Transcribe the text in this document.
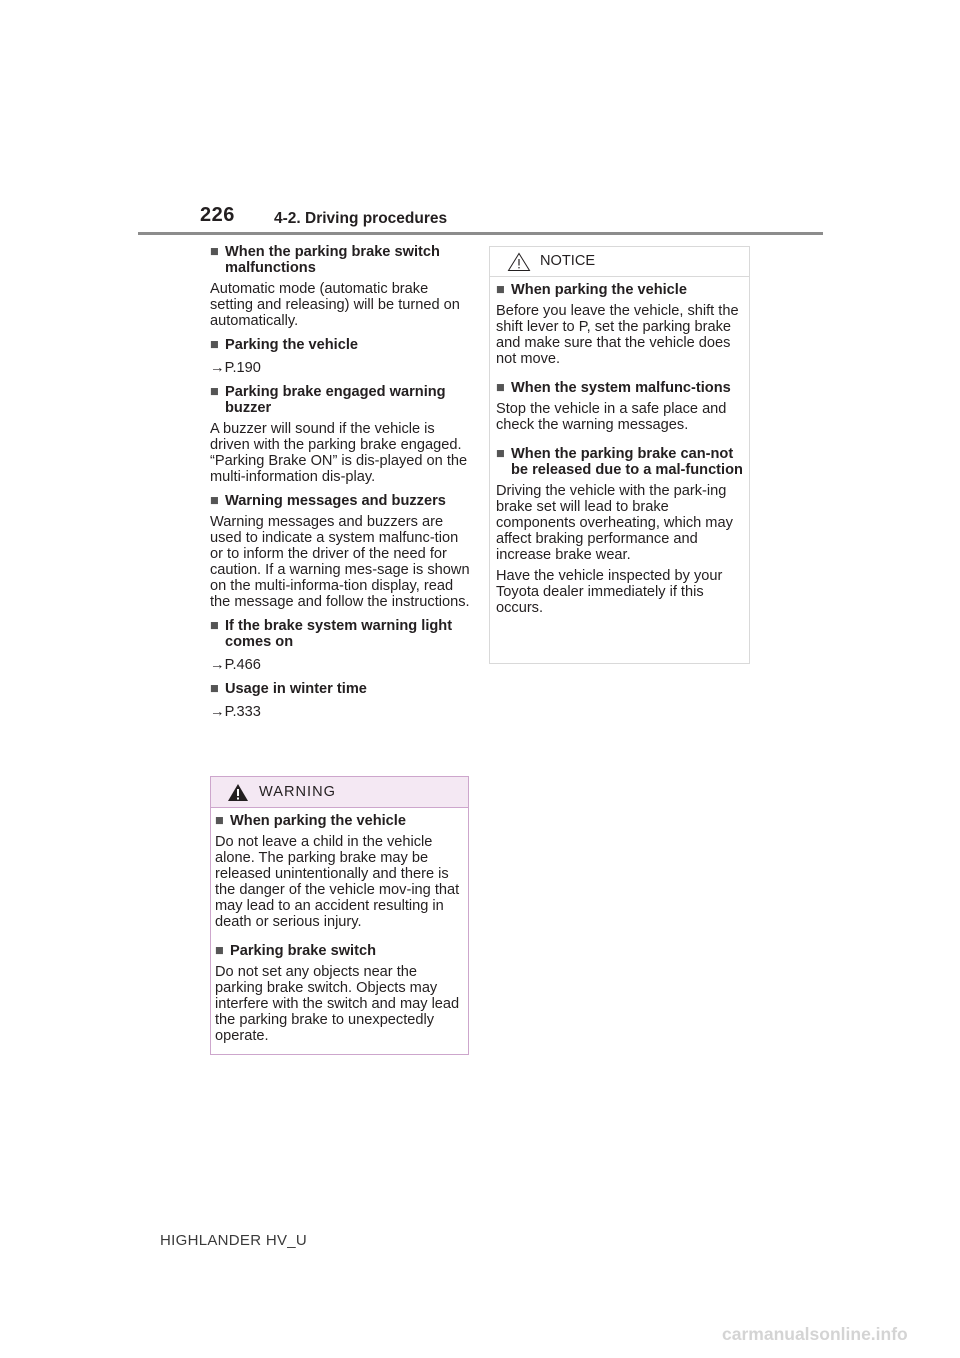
226	4-2. Driving procedures
■ When the parking brake switch malfunctions
Automatic mode (automatic brake setting and releasing) will be turned on automatically.
■ Parking the vehicle
→P.190
■ Parking brake engaged warning buzzer
A buzzer will sound if the vehicle is driven with the parking brake engaged. “Parking Brake ON” is dis-played on the multi-information dis-play.
■ Warning messages and buzzers
Warning messages and buzzers are used to indicate a system malfunc-tion or to inform the driver of the need for caution. If a warning mes-sage is shown on the multi-informa-tion display, read the message and follow the instructions.
■ If the brake system warning light comes on
→P.466
■ Usage in winter time
→P.333
WARNING
■ When parking the vehicle
Do not leave a child in the vehicle alone. The parking brake may be released unintentionally and there is the danger of the vehicle mov-ing that may lead to an accident resulting in death or serious injury.
■ Parking brake switch
Do not set any objects near the parking brake switch. Objects may interfere with the switch and may lead the parking brake to unexpectedly operate.
NOTICE
■ When parking the vehicle
Before you leave the vehicle, shift the shift lever to P, set the parking brake and make sure that the vehicle does not move.
■ When the system malfunc-tions
Stop the vehicle in a safe place and check the warning messages.
■ When the parking brake can-not be released due to a mal-function
Driving the vehicle with the park-ing brake set will lead to brake components overheating, which may affect braking performance and increase brake wear.
Have the vehicle inspected by your Toyota dealer immediately if this occurs.
HIGHLANDER HV_U
carmanualsonline.info
